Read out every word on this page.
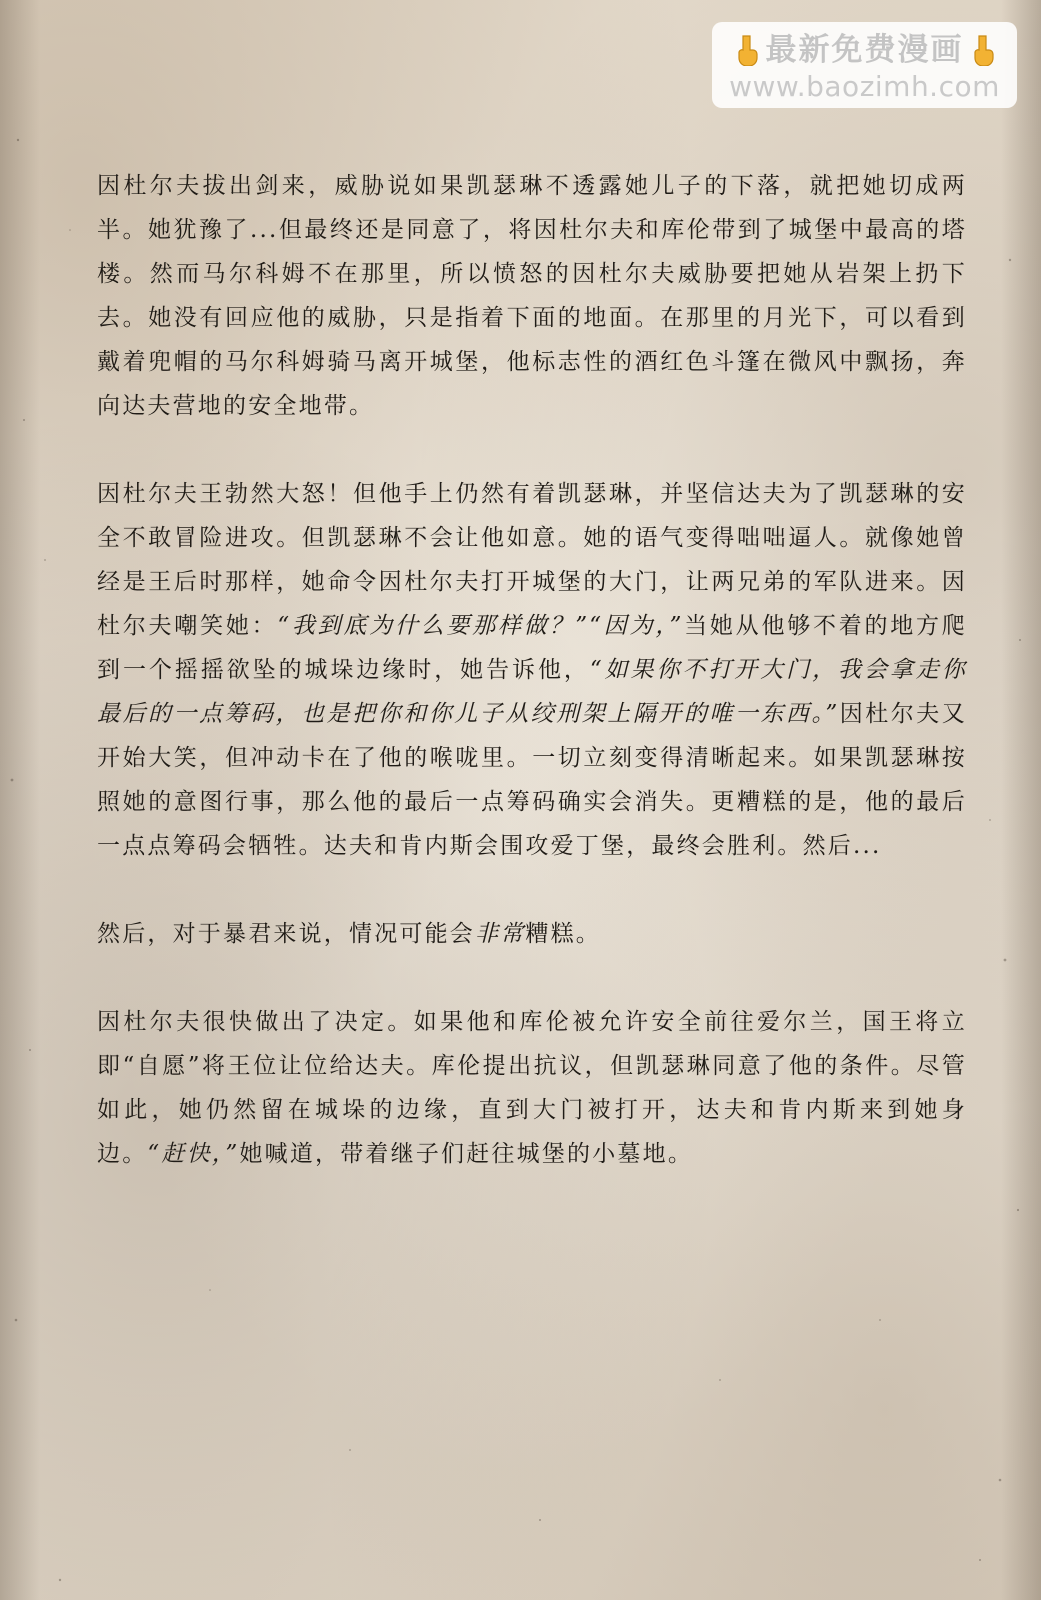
最新免费漫画
www.baozimh.com

因杜尔夫拔出剑来，威胁说如果凯瑟琳不透露她儿子的下落，就把她切成两半。她犹豫了...但最终还是同意了，将因杜尔夫和库伦带到了城堡中最高的塔楼。然而马尔科姆不在那里，所以愤怒的因杜尔夫威胁要把她从岩架上扔下去。她没有回应他的威胁，只是指着下面的地面。在那里的月光下，可以看到戴着兜帽的马尔科姆骑马离开城堡，他标志性的酒红色斗篷在微风中飘扬，奔向达夫营地的安全地带。

因杜尔夫王勃然大怒！但他手上仍然有着凯瑟琳，并坚信达夫为了凯瑟琳的安全不敢冒险进攻。但凯瑟琳不会让他如意。她的语气变得咄咄逼人。就像她曾经是王后时那样，她命令因杜尔夫打开城堡的大门，让两兄弟的军队进来。因杜尔夫嘲笑她：“我到底为什么要那样做？”“因为，”当她从他够不着的地方爬到一个摇摇欲坠的城垛边缘时，她告诉他，“如果你不打开大门，我会拿走你最后的一点筹码，也是把你和你儿子从绞刑架上隔开的唯一东西。”因杜尔夫又开始大笑，但冲动卡在了他的喉咙里。一切立刻变得清晰起来。如果凯瑟琳按照她的意图行事，那么他的最后一点筹码确实会消失。更糟糕的是，他的最后一点点筹码会牺牲。达夫和肯内斯会围攻爱丁堡，最终会胜利。然后...

然后，对于暴君来说，情况可能会非常糟糕。

因杜尔夫很快做出了决定。如果他和库伦被允许安全前往爱尔兰，国王将立即“自愿”将王位让位给达夫。库伦提出抗议，但凯瑟琳同意了他的条件。尽管如此，她仍然留在城垛的边缘，直到大门被打开，达夫和肯内斯来到她身边。“赶快，”她喊道，带着继子们赶往城堡的小墓地。
